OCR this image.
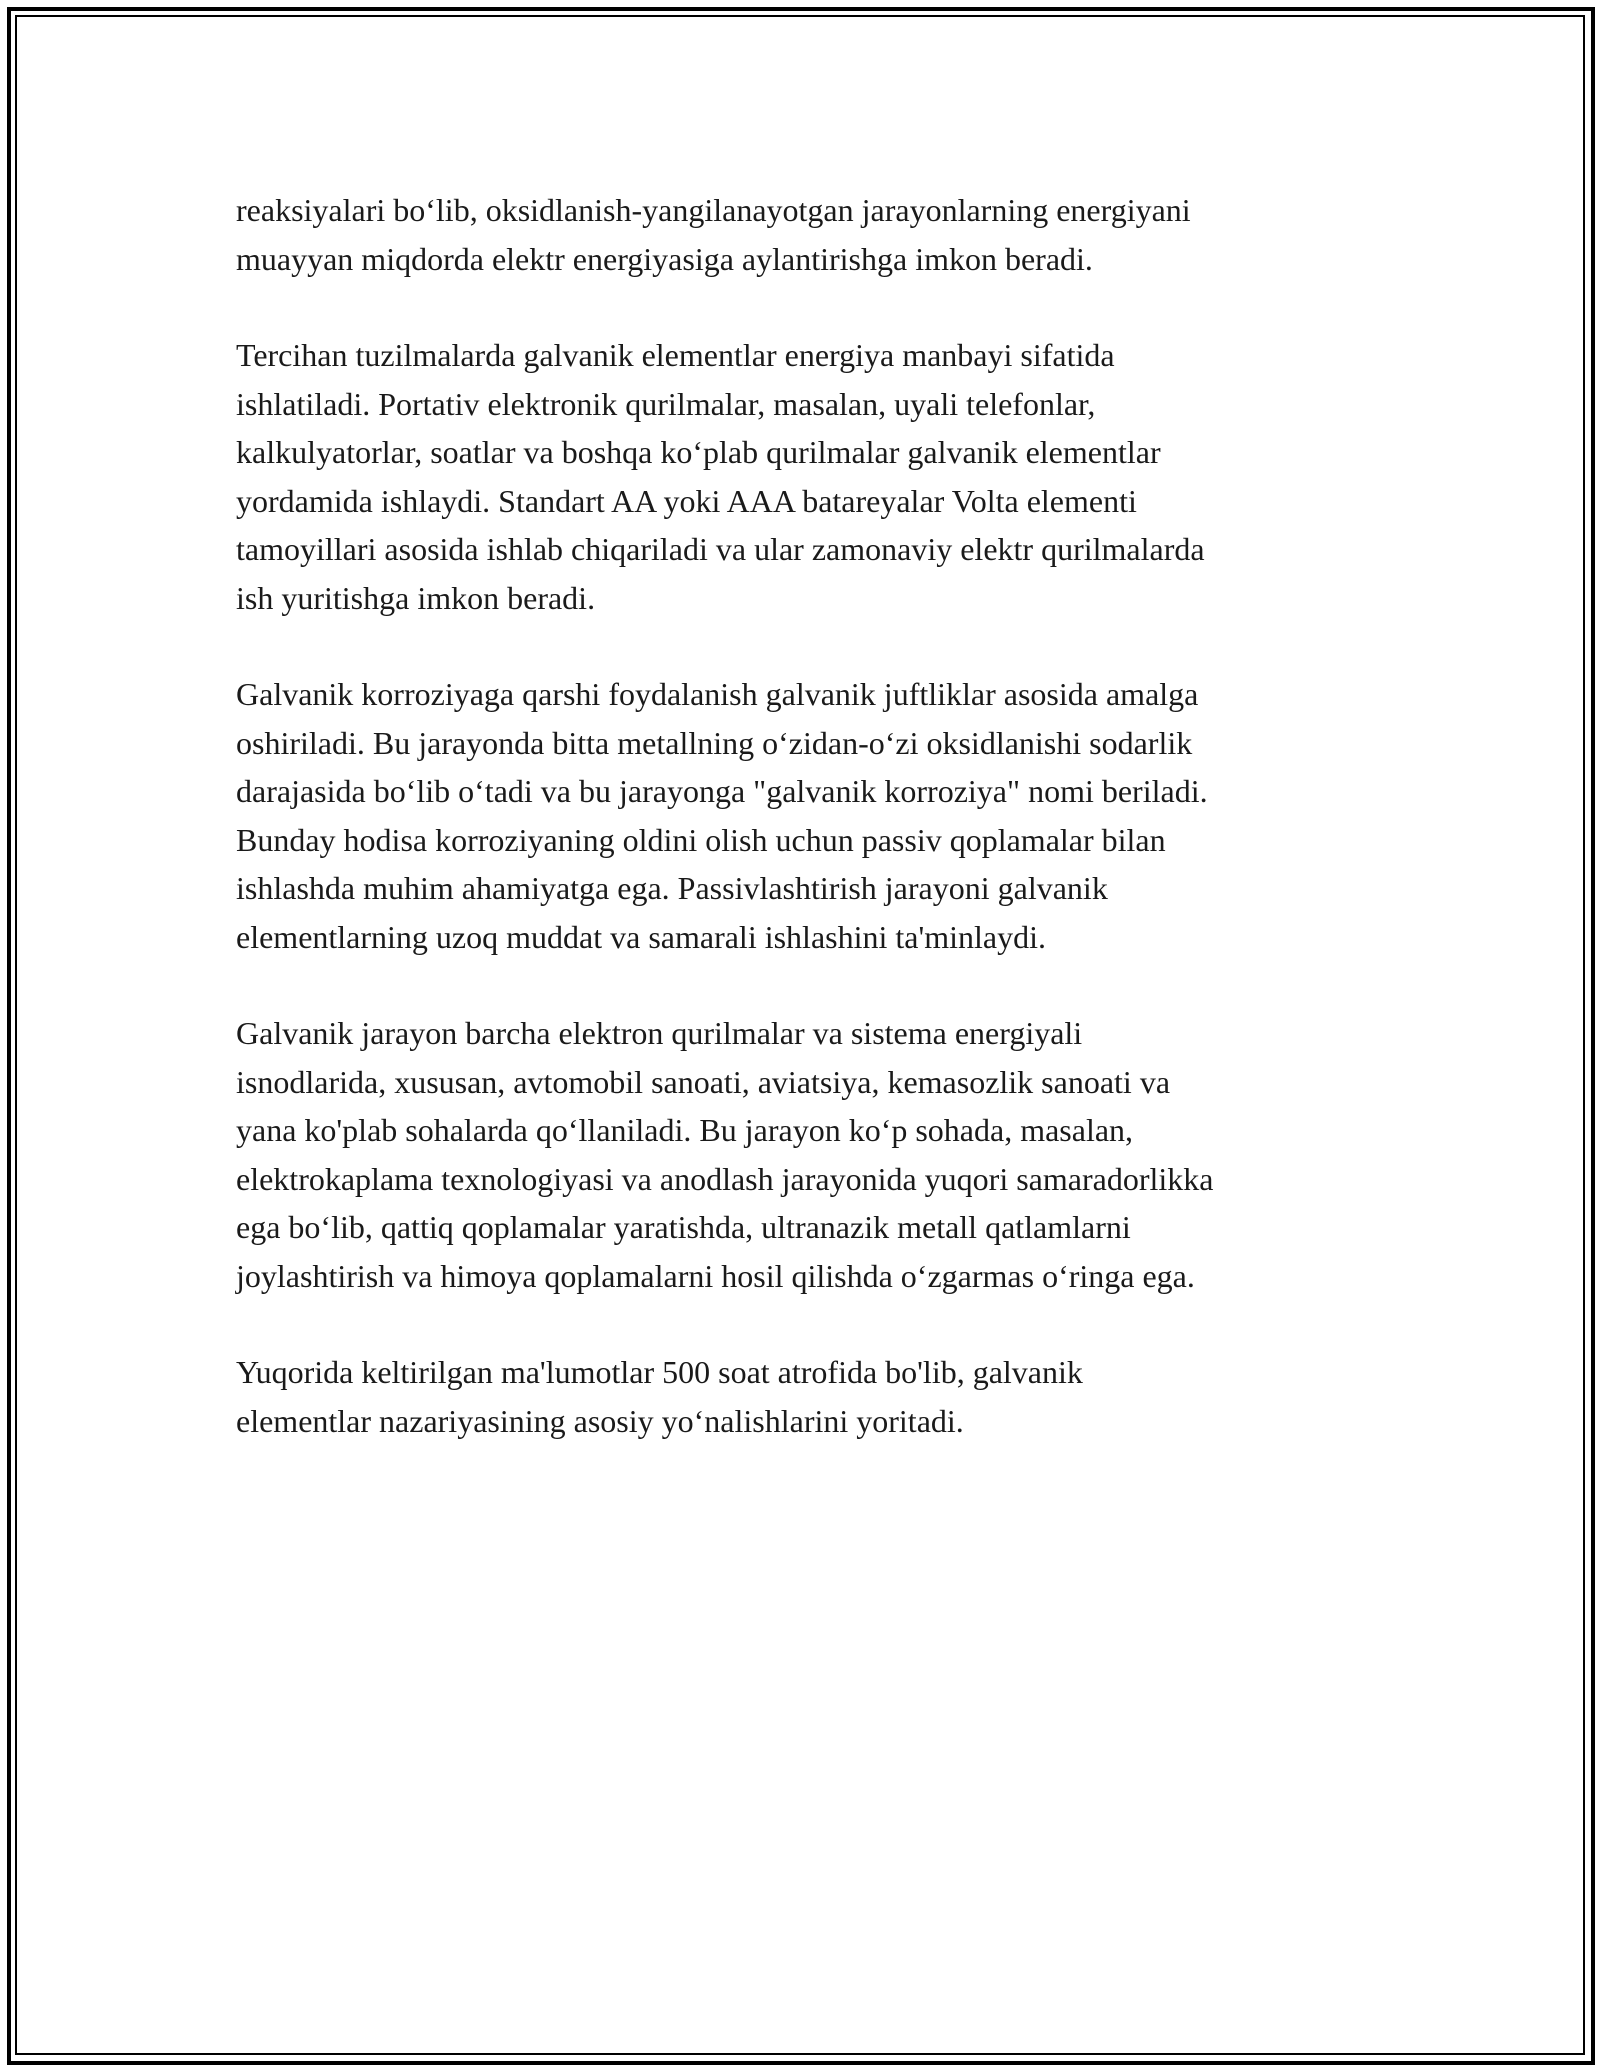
reaksiyalari bo‘lib, oksidlanish-yangilanayotgan jarayonlarning energiyani
muayyan miqdorda elektr energiyasiga aylantirishga imkon beradi.

Tercihan tuzilmalarda galvanik elementlar energiya manbayi sifatida
ishlatiladi. Portativ elektronik qurilmalar, masalan, uyali telefonlar,
kalkulyatorlar, soatlar va boshqa ko‘plab qurilmalar galvanik elementlar
yordamida ishlaydi. Standart AA yoki AAA batareyalar Volta elementi
tamoyillari asosida ishlab chiqariladi va ular zamonaviy elektr qurilmalarda
ish yuritishga imkon beradi.

Galvanik korroziyaga qarshi foydalanish galvanik juftliklar asosida amalga
oshiriladi. Bu jarayonda bitta metallning o‘zidan-o‘zi oksidlanishi sodarlik
darajasida bo‘lib o‘tadi va bu jarayonga "galvanik korroziya" nomi beriladi.
Bunday hodisa korroziyaning oldini olish uchun passiv qoplamalar bilan
ishlashda muhim ahamiyatga ega. Passivlashtirish jarayoni galvanik
elementlarning uzoq muddat va samarali ishlashini ta'minlaydi.

Galvanik jarayon barcha elektron qurilmalar va sistema energiyali
isnodlarida, xususan, avtomobil sanoati, aviatsiya, kemasozlik sanoati va
yana ko'plab sohalarda qo‘llaniladi. Bu jarayon ko‘p sohada, masalan,
elektrokaplama texnologiyasi va anodlash jarayonida yuqori samaradorlikka
ega bo‘lib, qattiq qoplamalar yaratishda, ultranazik metall qatlamlarni
joylashtirish va himoya qoplamalarni hosil qilishda o‘zgarmas o‘ringa ega.

Yuqorida keltirilgan ma'lumotlar 500 soat atrofida bo'lib, galvanik
elementlar nazariyasining asosiy yo‘nalishlarini yoritadi.
